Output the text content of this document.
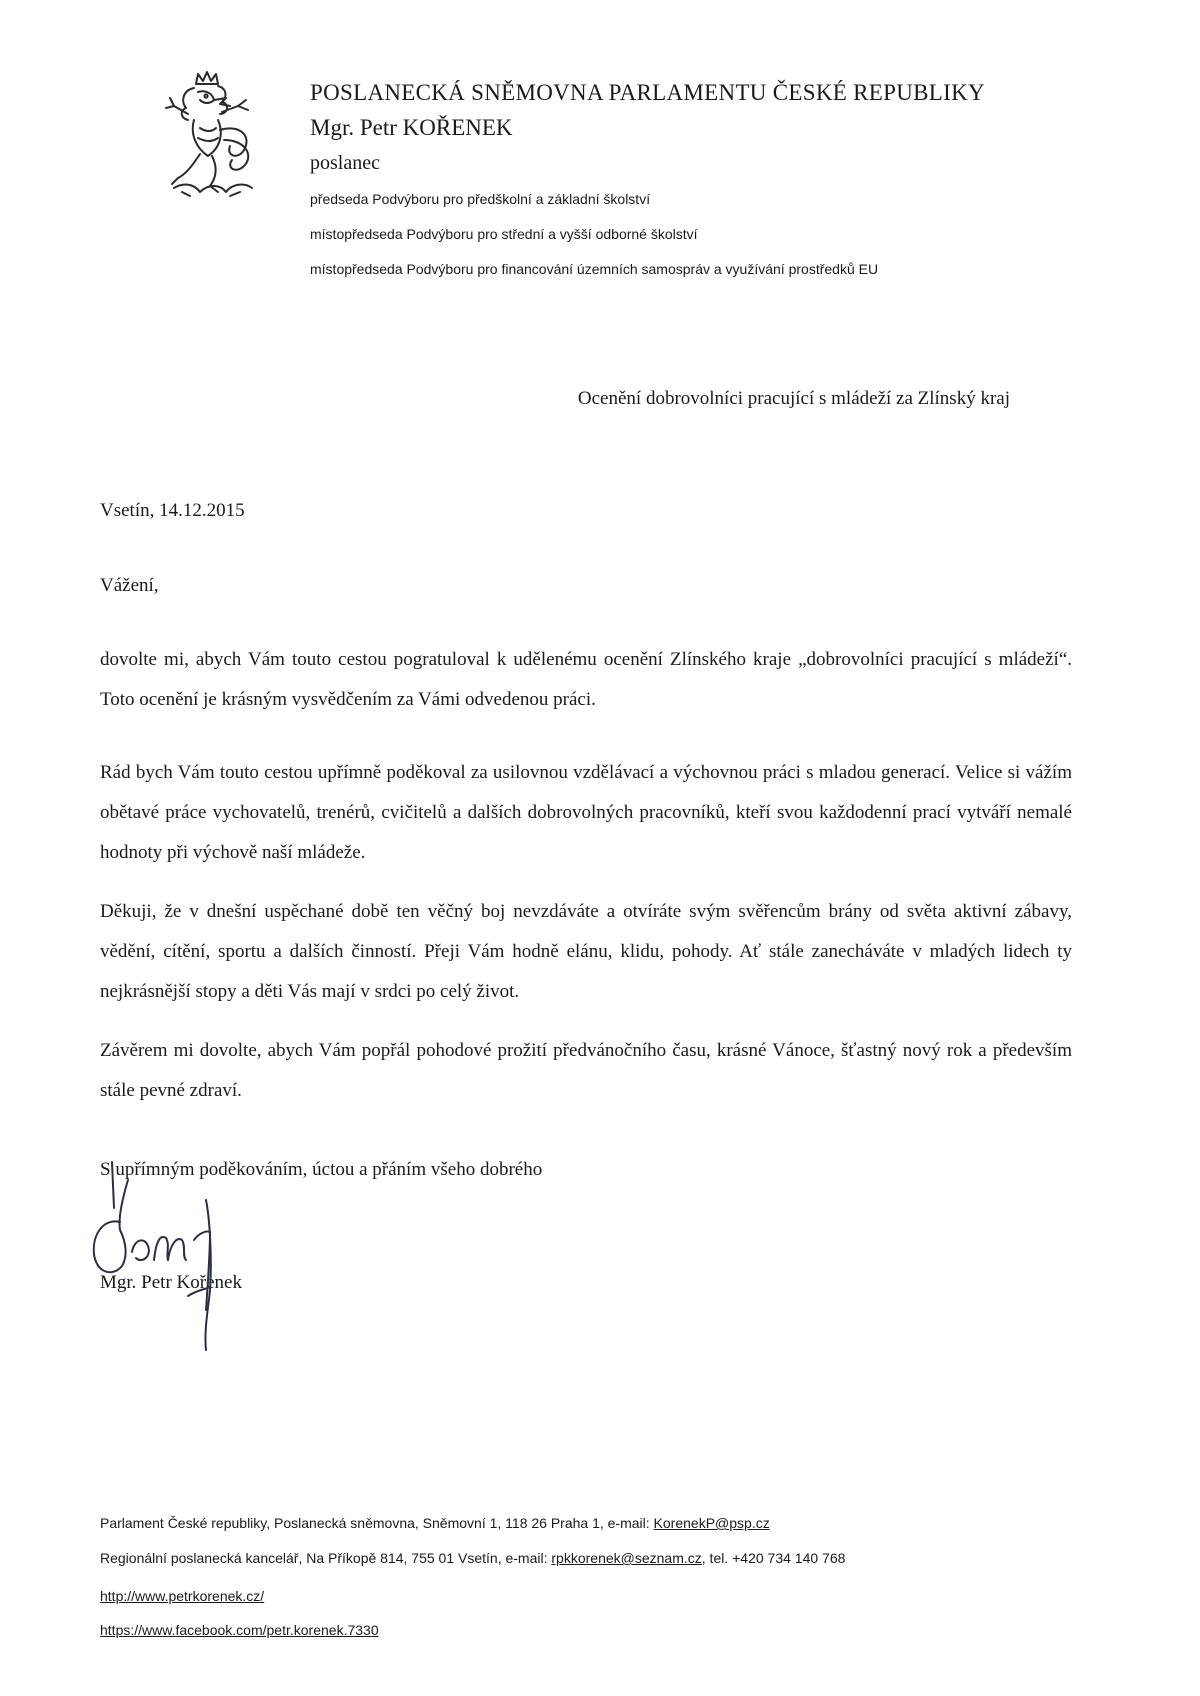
POSLANECKÁ SNĚMOVNA PARLAMENTU ČESKÉ REPUBLIKY
Mgr. Petr KOŘENEK
poslanec
předseda Podvýboru pro předškolní a základní školství
místopředseda Podvýboru pro střední a vyšší odborné školství
místopředseda Podvýboru pro financování územních samospráv a využívání prostředků EU
Ocenění dobrovolníci pracující s mládeží za Zlínský kraj
Vsetín, 14.12.2015
Vážení,

dovolte mi, abych Vám touto cestou pogratuloval k udělenému ocenění Zlínského kraje „dobrovolníci pracující s mládeží“. Toto ocenění je krásným vysvědčením za Vámi odvedenou práci.

Rád bych Vám touto cestou upřímně poděkoval za usilovnou vzdělávací a výchovnou práci s mladou generací. Velice si vážím obětavé práce vychovatelů, trenérů, cvičitelů a dalších dobrovolných pracovníků, kteří svou každodenní prací vytváří nemalé hodnoty při výchově naší mládeže.

Děkuji, že v dnešní uspěchané době ten věčný boj nevzdáváte a otvíráte svým svěřencům brány od světa aktivní zábavy, vědění, cítění, sportu a dalších činností. Přeji Vám hodně elánu, klidu, pohody. Ať stále zanecháváte v mladých lidech ty nejkrásnější stopy a děti Vás mají v srdci po celý život.

Závěrem mi dovolte, abych Vám popřál pohodové prožití předvánočního času, krásné Vánoce, šťastný nový rok a především stále pevné zdraví.

S upřímným poděkováním, úctou a přáním všeho dobrého
Mgr. Petr Kořenek
Parlament České republiky, Poslanecká sněmovna, Sněmovní 1, 118 26 Praha 1, e-mail: KorenekP@psp.cz
Regionální poslanecká kancelář, Na Příkopě 814, 755 01 Vsetín, e-mail: rpkkorenek@seznam.cz, tel. +420 734 140 768
http://www.petrkorenek.cz/
https://www.facebook.com/petr.korenek.7330
